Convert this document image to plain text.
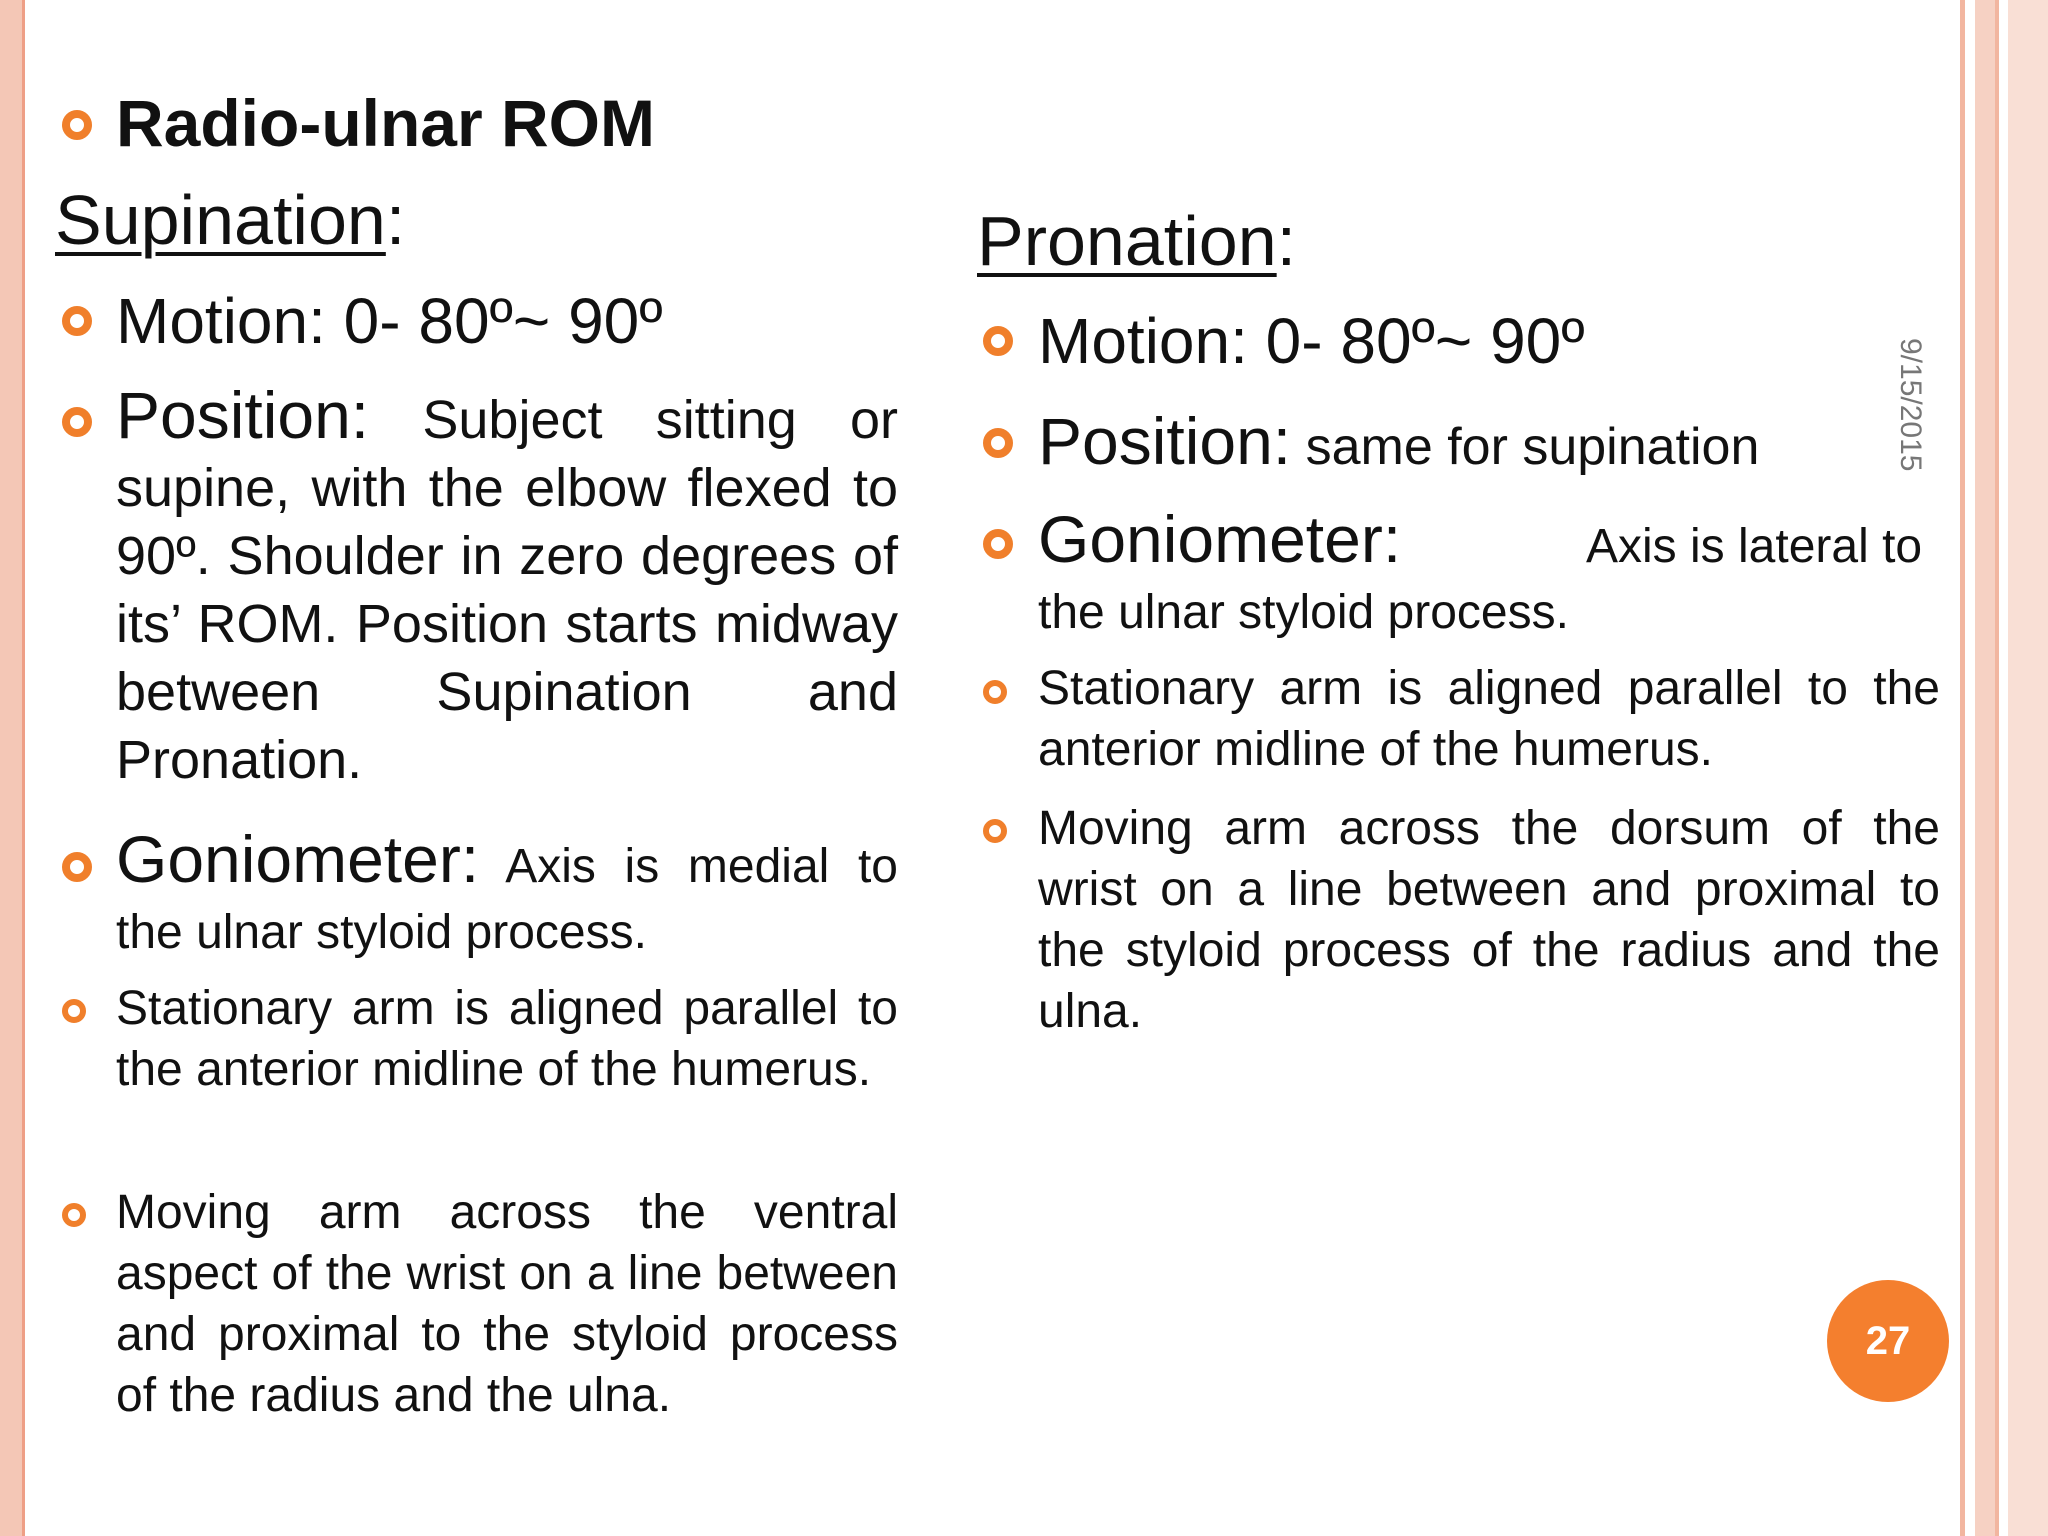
Radio-ulnar ROM

Supination:

Motion: 0- 80º~ 90º

Position: Subject sitting or supine, with the elbow flexed to 90º. Shoulder in zero degrees of its’ ROM. Position starts midway between Supination and Pronation.

Goniometer: Axis is medial to the ulnar styloid process.

Stationary arm is aligned parallel to the anterior midline of the humerus.

Moving arm across the ventral aspect of the wrist on a line between and proximal to the styloid process of the radius and the ulna.

Pronation:

Motion: 0- 80º~ 90º

Position: same for supination

Goniometer:	Axis is lateral to the ulnar styloid process.

Stationary arm is aligned parallel to the anterior midline of the humerus.

Moving arm across the dorsum of the wrist on a line between and proximal to the styloid process of the radius and the ulna.

9/15/2015

27
